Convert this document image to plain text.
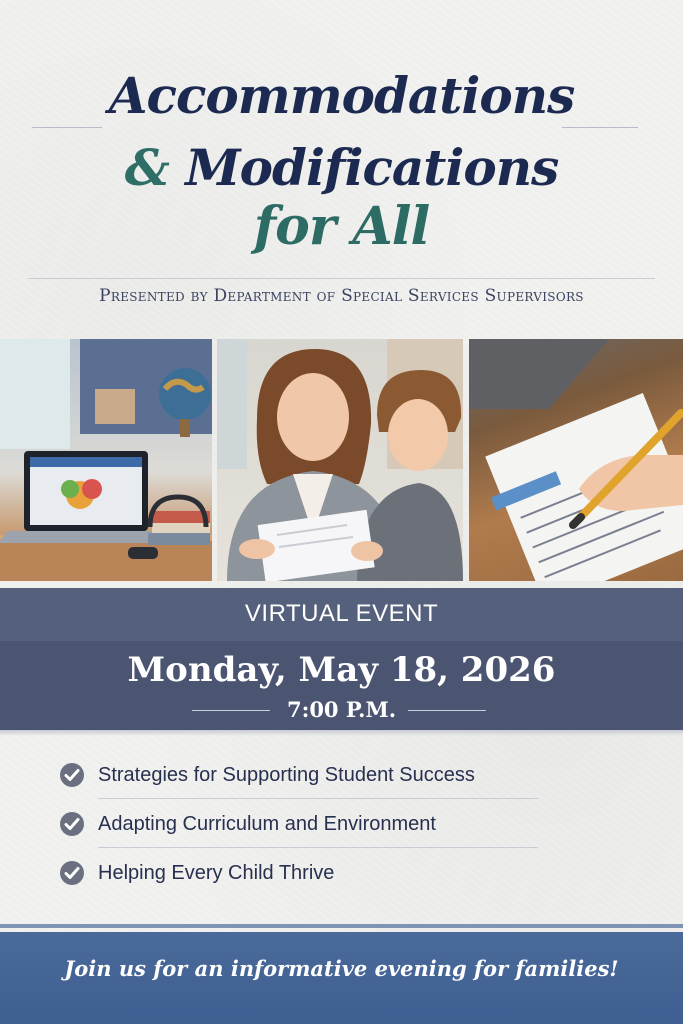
Accommodations
& Modifications
for All
Presented by Department of Special Services Supervisors
VIRTUAL EVENT
Monday, May 18, 2026
7:00 P.M.
Strategies for Supporting Student Success
Adapting Curriculum and Environment
Helping Every Child Thrive
Join us for an informative evening for families!
